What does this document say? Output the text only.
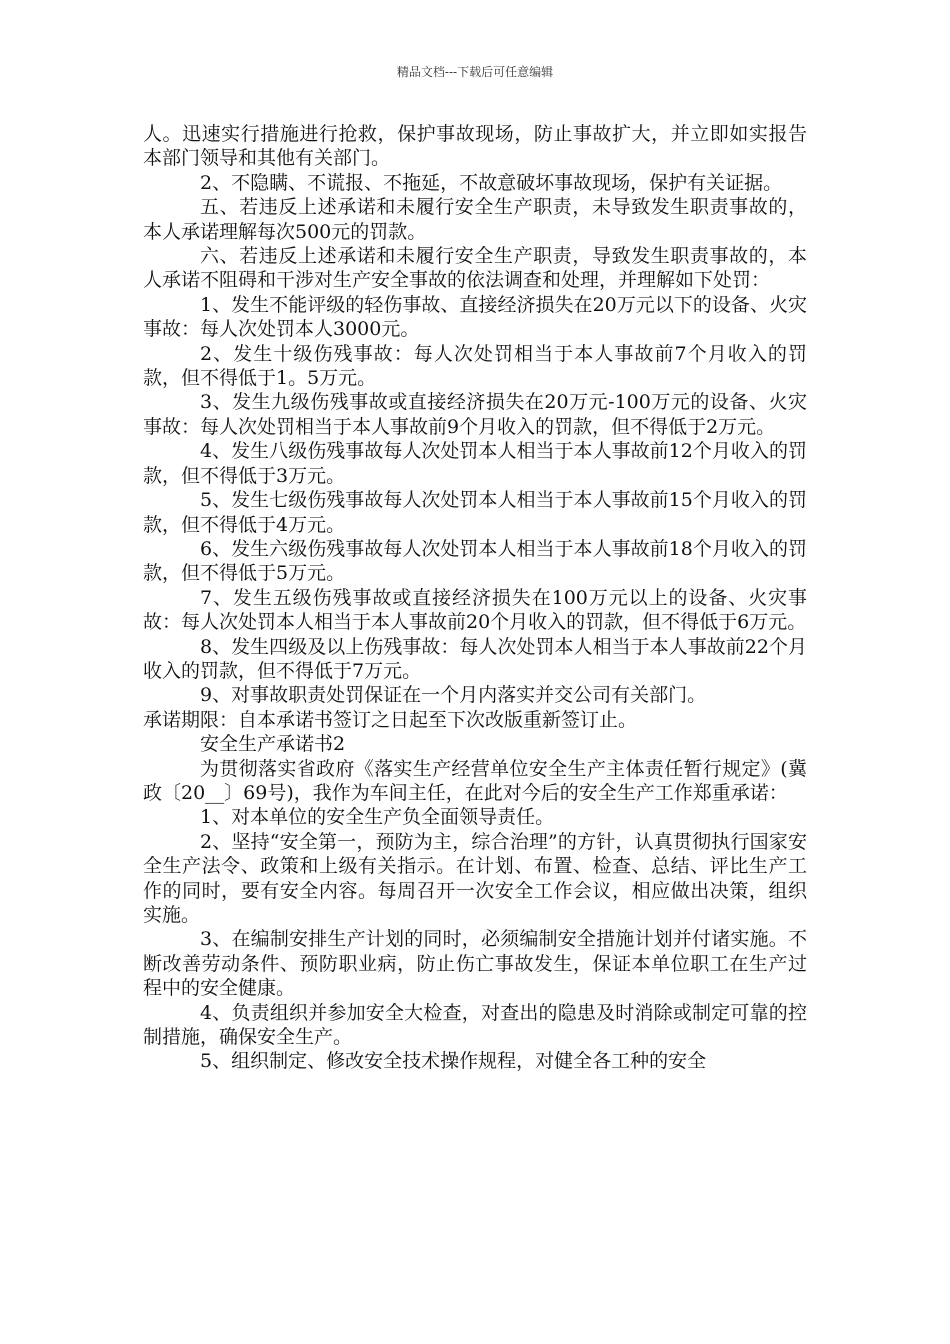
精品文档---下载后可任意编辑

人。迅速实行措施进行抢救，保护事故现场，防止事故扩大，并立即如实报告本部门领导和其他有关部门。

2、不隐瞒、不谎报、不拖延，不故意破坏事故现场，保护有关证据。

五、若违反上述承诺和未履行安全生产职责，未导致发生职责事故的，本人承诺理解每次500元的罚款。

六、若违反上述承诺和未履行安全生产职责，导致发生职责事故的，本人承诺不阻碍和干涉对生产安全事故的依法调查和处理，并理解如下处罚：

1、发生不能评级的轻伤事故、直接经济损失在20万元以下的设备、火灾事故：每人次处罚本人3000元。

2、发生十级伤残事故：每人次处罚相当于本人事故前7个月收入的罚款，但不得低于1。5万元。

3、发生九级伤残事故或直接经济损失在20万元-100万元的设备、火灾事故：每人次处罚相当于本人事故前9个月收入的罚款，但不得低于2万元。

4、发生八级伤残事故每人次处罚本人相当于本人事故前12个月收入的罚款，但不得低于3万元。

5、发生七级伤残事故每人次处罚本人相当于本人事故前15个月收入的罚款，但不得低于4万元。

6、发生六级伤残事故每人次处罚本人相当于本人事故前18个月收入的罚款，但不得低于5万元。

7、发生五级伤残事故或直接经济损失在100万元以上的设备、火灾事故：每人次处罚本人相当于本人事故前20个月收入的罚款，但不得低于6万元。

8、发生四级及以上伤残事故：每人次处罚本人相当于本人事故前22个月收入的罚款，但不得低于7万元。

9、对事故职责处罚保证在一个月内落实并交公司有关部门。

承诺期限：自本承诺书签订之日起至下次改版重新签订止。

安全生产承诺书2

为贯彻落实省政府《落实生产经营单位安全生产主体责任暂行规定》(冀政〔20__〕69号)，我作为车间主任，在此对今后的安全生产工作郑重承诺：

1、对本单位的安全生产负全面领导责任。

2、坚持“安全第一，预防为主，综合治理”的方针，认真贯彻执行国家安全生产法令、政策和上级有关指示。在计划、布置、检查、总结、评比生产工作的同时，要有安全内容。每周召开一次安全工作会议，相应做出决策，组织实施。

3、在编制安排生产计划的同时，必须编制安全措施计划并付诸实施。不断改善劳动条件、预防职业病，防止伤亡事故发生，保证本单位职工在生产过程中的安全健康。

4、负责组织并参加安全大检查，对查出的隐患及时消除或制定可靠的控制措施，确保安全生产。

5、组织制定、修改安全技术操作规程，对健全各工种的安全
